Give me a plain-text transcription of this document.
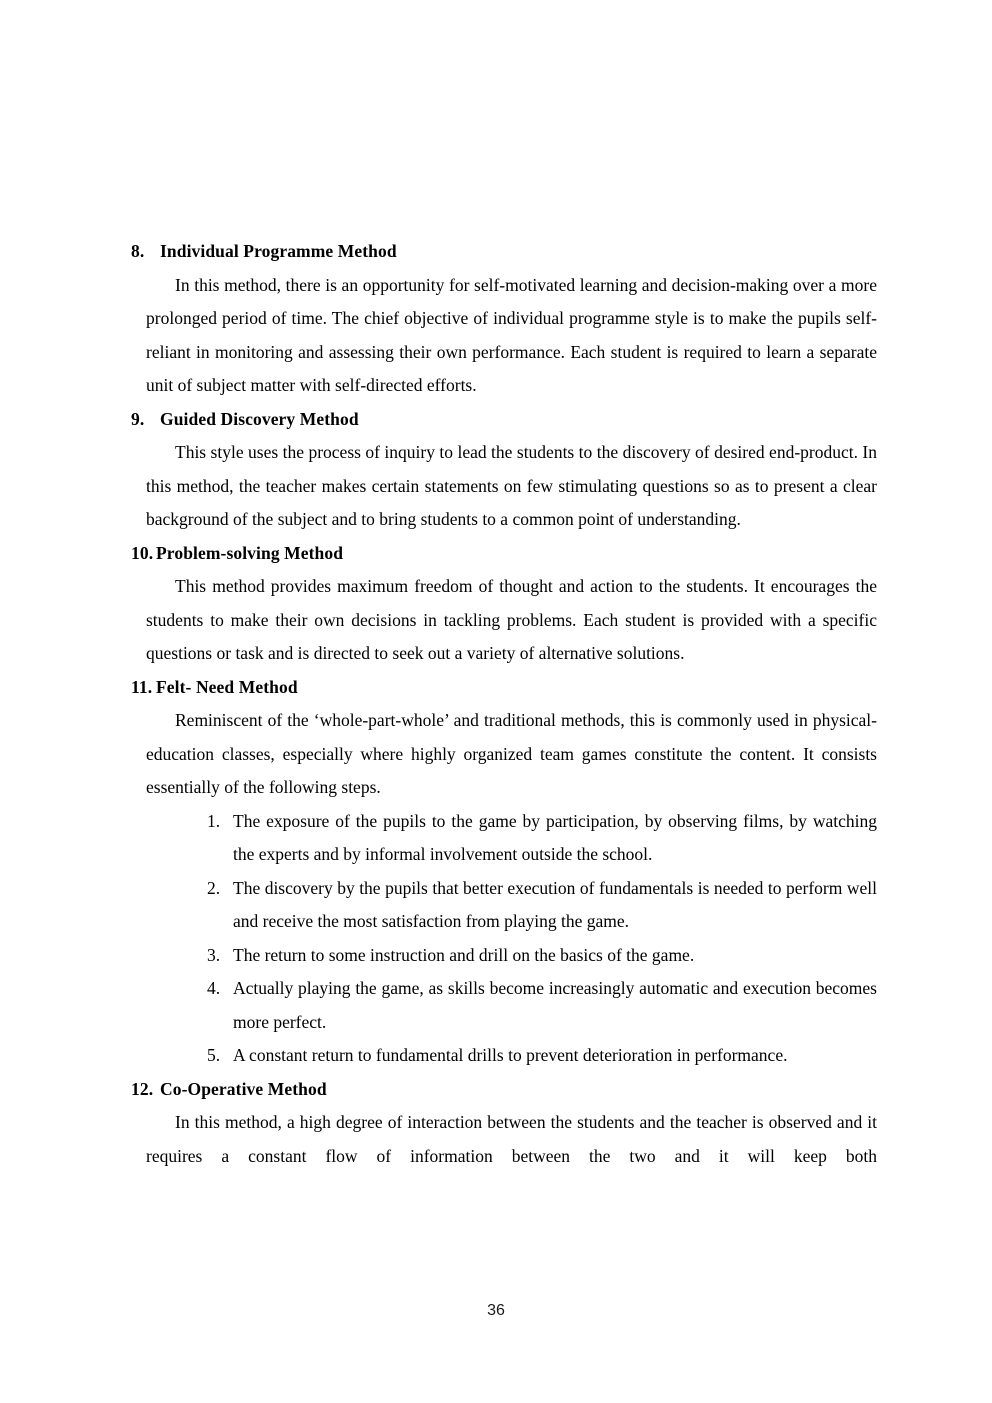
8. Individual Programme Method

In this method, there is an opportunity for self-motivated learning and decision-making over a more prolonged period of time. The chief objective of individual programme style is to make the pupils self-reliant in monitoring and assessing their own performance. Each student is required to learn a separate unit of subject matter with self-directed efforts.

9. Guided Discovery Method

This style uses the process of inquiry to lead the students to the discovery of desired end-product. In this method, the teacher makes certain statements on few stimulating questions so as to present a clear background of the subject and to bring students to a common point of understanding.

10. Problem-solving Method

This method provides maximum freedom of thought and action to the students. It encourages the students to make their own decisions in tackling problems. Each student is provided with a specific questions or task and is directed to seek out a variety of alternative solutions.

11. Felt- Need Method

Reminiscent of the ‘whole-part-whole’ and traditional methods, this is commonly used in physical-education classes, especially where highly organized team games constitute the content. It consists essentially of the following steps.

1. The exposure of the pupils to the game by participation, by observing films, by watching the experts and by informal involvement outside the school.
2. The discovery by the pupils that better execution of fundamentals is needed to perform well and receive the most satisfaction from playing the game.
3. The return to some instruction and drill on the basics of the game.
4. Actually playing the game, as skills become increasingly automatic and execution becomes more perfect.
5. A constant return to fundamental drills to prevent deterioration in performance.
12. Co-Operative Method

In this method, a high degree of interaction between the students and the teacher is observed and it requires a constant flow of information between the two and it will keep both

36
